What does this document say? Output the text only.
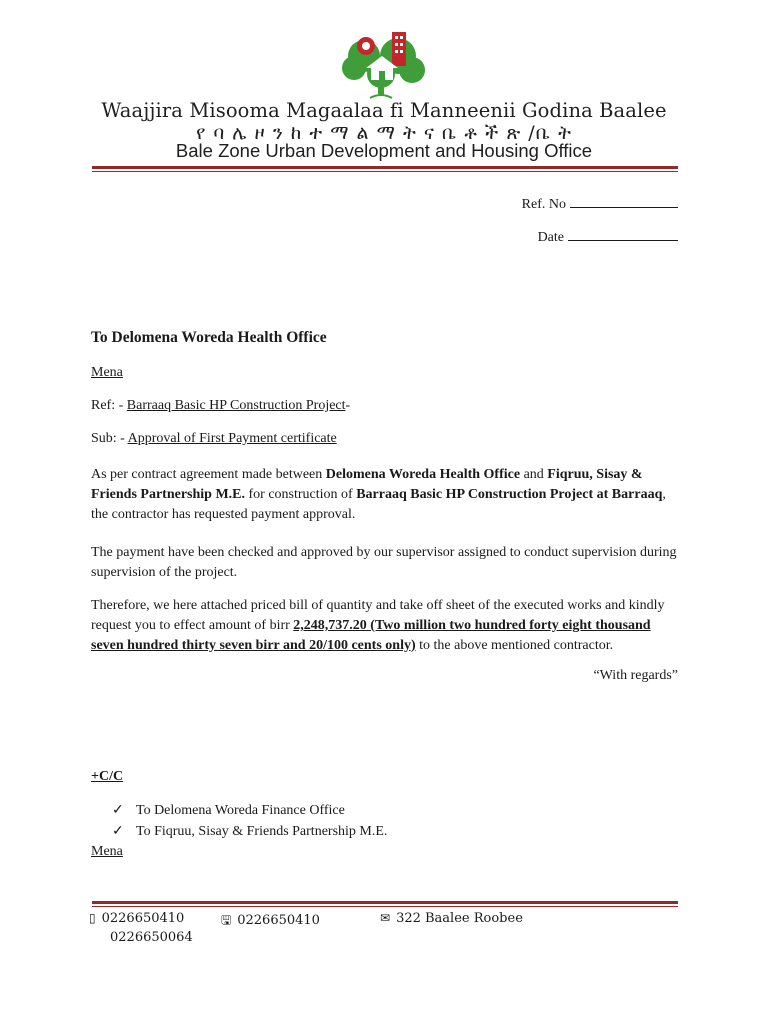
Waajjira Misooma Magaalaa fi Manneenii Godina Baalee
የ ባ ሌ ዞ ን ከ ተ ማ ል ማ ት ና ቤ ቶ ች ጽ /ቤ ት
Bale Zone Urban Development and Housing Office
Ref. No
Date
To Delomena Woreda Health Office
Mena
Ref: - Barraaq Basic HP Construction Project-
Sub: - Approval of First Payment certificate
As per contract agreement made between Delomena Woreda Health Office and Fiqruu, Sisay & Friends Partnership M.E. for construction of Barraaq Basic HP Construction Project at Barraaq, the contractor has requested payment approval.
The payment have been checked and approved by our supervisor assigned to conduct supervision during supervision of the project.
Therefore, we here attached priced bill of quantity and take off sheet of the executed works and kindly request you to effect amount of birr 2,248,737.20 (Two million two hundred forty eight thousand seven hundred thirty seven birr and 20/100 cents only) to the above mentioned contractor.
“With regards”
+C/C
✓ To Delomena Woreda Finance Office
✓ To Fiqruu, Sisay & Friends Partnership M.E.
Mena
▯ 0226650410
0226650064
🖫 0226650410	✉ 322 Baalee Roobee
